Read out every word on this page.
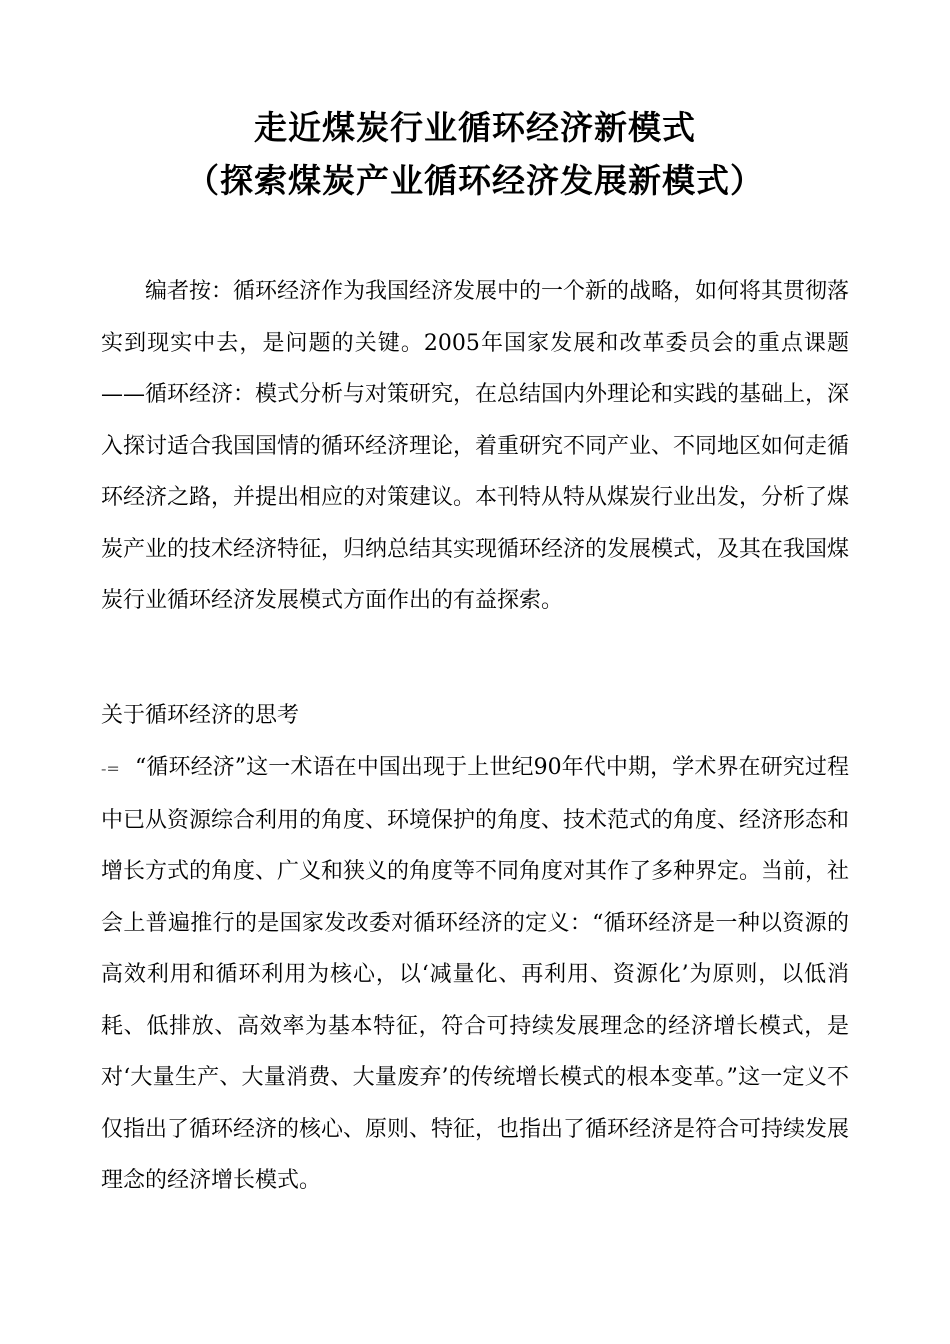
走近煤炭行业循环经济新模式
（探索煤炭产业循环经济发展新模式）
编者按：循环经济作为我国经济发展中的一个新的战略，如何将其贯彻落实到现实中去，是问题的关键。2005年国家发展和改革委员会的重点课题——循环经济：模式分析与对策研究，在总结国内外理论和实践的基础上，深入探讨适合我国国情的循环经济理论，着重研究不同产业、不同地区如何走循环经济之路，并提出相应的对策建议。本刊特从特从煤炭行业出发，分析了煤炭产业的技术经济特征，归纳总结其实现循环经济的发展模式，及其在我国煤炭行业循环经济发展模式方面作出的有益探索。
关于循环经济的思考
-= “循环经济”这一术语在中国出现于上世纪90年代中期，学术界在研究过程中已从资源综合利用的角度、环境保护的角度、技术范式的角度、经济形态和增长方式的角度、广义和狭义的角度等不同角度对其作了多种界定。当前，社会上普遍推行的是国家发改委对循环经济的定义：“循环经济是一种以资源的高效利用和循环利用为核心，以‘减量化、再利用、资源化’为原则，以低消耗、低排放、高效率为基本特征，符合可持续发展理念的经济增长模式，是对‘大量生产、大量消费、大量废弃’的传统增长模式的根本变革。”这一定义不仅指出了循环经济的核心、原则、特征，也指出了循环经济是符合可持续发展理念的经济增长模式。
